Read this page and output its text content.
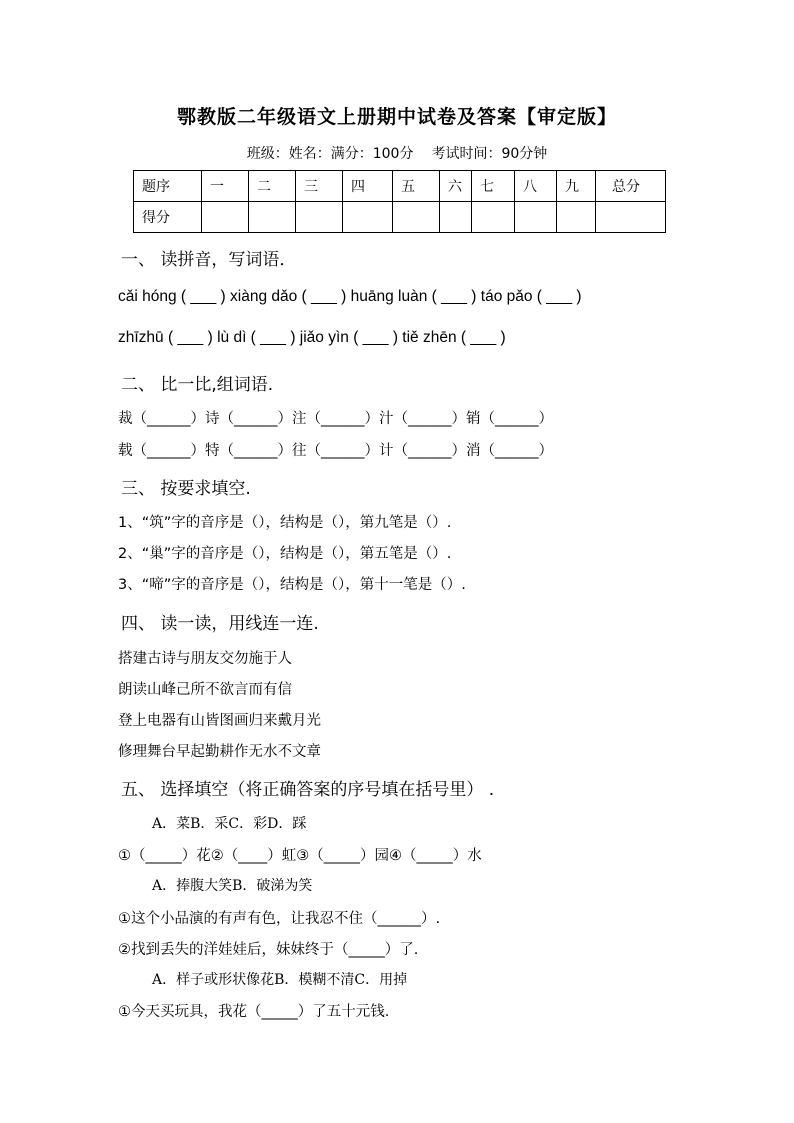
鄂教版二年级语文上册期中试卷及答案【审定版】
班级：姓名：满分：100分 考试时间：90分钟
题序	一	二	三	四	五	六	七	八	九	总分
得分										
一、 读拼音，写词语．
cǎi hóng ( ___ ) xiàng dǎo ( ___ ) huāng luàn ( ___ ) táo pǎo ( ___ )
zhīzhū ( ___ ) lù dì ( ___ ) jiǎo yìn ( ___ ) tiě zhēn ( ___ )
二、 比一比,组词语.
裁（______）诗（______）注（______）汁（______）销（______）
载（______）特（______）往（______）计（______）消（______）
三、 按要求填空.
1、“筑”字的音序是（），结构是（），第九笔是（）.
2、“巢”字的音序是（），结构是（），第五笔是（）.
3、“啼”字的音序是（），结构是（），第十一笔是（）.
四、 读一读，用线连一连.
搭建古诗与朋友交勿施于人
朗读山峰己所不欲言而有信
登上电器有山皆图画归来戴月光
修理舞台早起勤耕作无水不文章
五、 选择填空（将正确答案的序号填在括号里） .
A．菜B．采C．彩D．踩
①（_____）花②（____）虹③（_____）园④（_____）水
A．捧腹大笑B．破涕为笑
①这个小品演的有声有色，让我忍不住（______）.
②找到丢失的洋娃娃后，妹妹终于（_____）了.
A．样子或形状像花B．模糊不清C．用掉
①今天买玩具，我花（_____）了五十元钱.
